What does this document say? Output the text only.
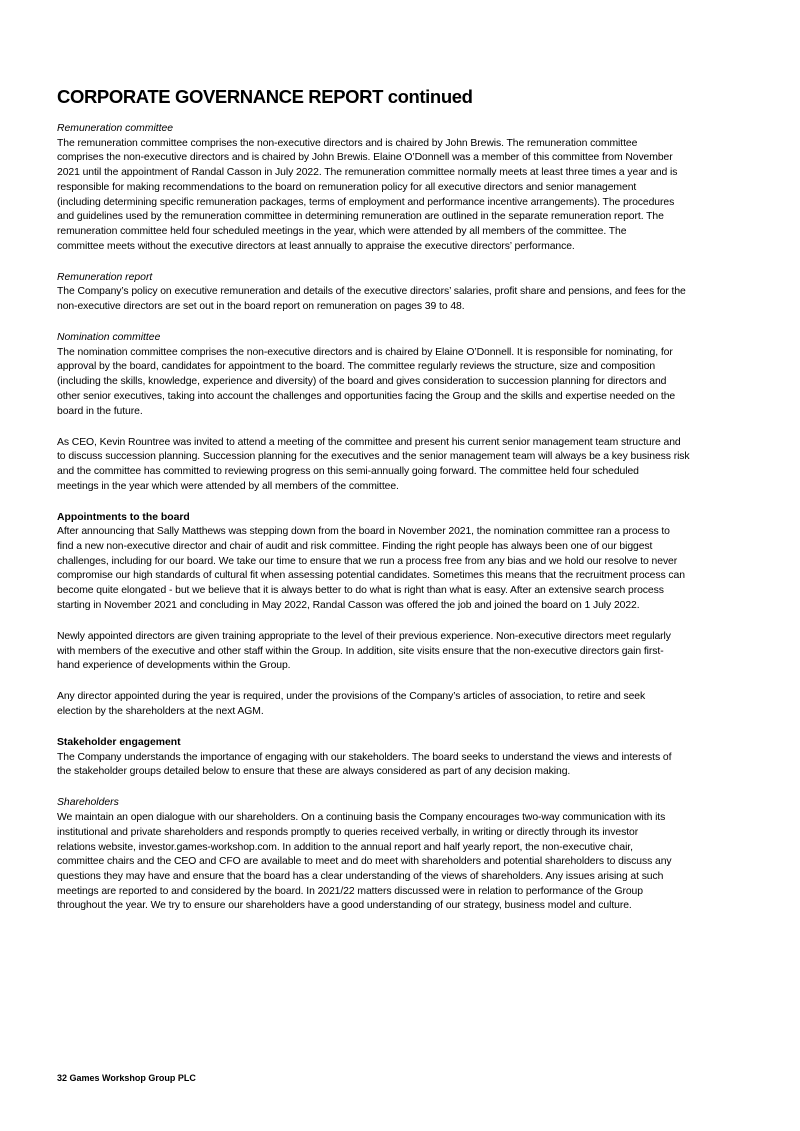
CORPORATE GOVERNANCE REPORT continued
Remuneration committee
The remuneration committee comprises the non-executive directors and is chaired by John Brewis. The remuneration committee
comprises the non-executive directors and is chaired by John Brewis. Elaine O’Donnell was a member of this committee from November
2021 until the appointment of Randal Casson in July 2022. The remuneration committee normally meets at least three times a year and is
responsible for making recommendations to the board on remuneration policy for all executive directors and senior management
(including determining specific remuneration packages, terms of employment and performance incentive arrangements). The procedures
and guidelines used by the remuneration committee in determining remuneration are outlined in the separate remuneration report. The
remuneration committee held four scheduled meetings in the year, which were attended by all members of the committee. The
committee meets without the executive directors at least annually to appraise the executive directors’ performance.
Remuneration report
The Company’s policy on executive remuneration and details of the executive directors’ salaries, profit share and pensions, and fees for the
non-executive directors are set out in the board report on remuneration on pages 39 to 48.
Nomination committee
The nomination committee comprises the non-executive directors and is chaired by Elaine O’Donnell. It is responsible for nominating, for
approval by the board, candidates for appointment to the board. The committee regularly reviews the structure, size and composition
(including the skills, knowledge, experience and diversity) of the board and gives consideration to succession planning for directors and
other senior executives, taking into account the challenges and opportunities facing the Group and the skills and expertise needed on the
board in the future.
As CEO, Kevin Rountree was invited to attend a meeting of the committee and present his current senior management team structure and
to discuss succession planning. Succession planning for the executives and the senior management team will always be a key business risk
and the committee has committed to reviewing progress on this semi-annually going forward. The committee held four scheduled
meetings in the year which were attended by all members of the committee.
Appointments to the board
After announcing that Sally Matthews was stepping down from the board in November 2021, the nomination committee ran a process to
find a new non-executive director and chair of audit and risk committee. Finding the right people has always been one of our biggest
challenges, including for our board. We take our time to ensure that we run a process free from any bias and we hold our resolve to never
compromise our high standards of cultural fit when assessing potential candidates. Sometimes this means that the recruitment process can
become quite elongated - but we believe that it is always better to do what is right than what is easy. After an extensive search process
starting in November 2021 and concluding in May 2022, Randal Casson was offered the job and joined the board on 1 July 2022.
Newly appointed directors are given training appropriate to the level of their previous experience. Non-executive directors meet regularly
with members of the executive and other staff within the Group. In addition, site visits ensure that the non-executive directors gain first-
hand experience of developments within the Group.
Any director appointed during the year is required, under the provisions of the Company’s articles of association, to retire and seek
election by the shareholders at the next AGM.
Stakeholder engagement
The Company understands the importance of engaging with our stakeholders. The board seeks to understand the views and interests of
the stakeholder groups detailed below to ensure that these are always considered as part of any decision making.
Shareholders
We maintain an open dialogue with our shareholders. On a continuing basis the Company encourages two-way communication with its
institutional and private shareholders and responds promptly to queries received verbally, in writing or directly through its investor
relations website, investor.games-workshop.com. In addition to the annual report and half yearly report, the non-executive chair,
committee chairs and the CEO and CFO are available to meet and do meet with shareholders and potential shareholders to discuss any
questions they may have and ensure that the board has a clear understanding of the views of shareholders. Any issues arising at such
meetings are reported to and considered by the board. In 2021/22 matters discussed were in relation to performance of the Group
throughout the year. We try to ensure our shareholders have a good understanding of our strategy, business model and culture.
32 Games Workshop Group PLC
